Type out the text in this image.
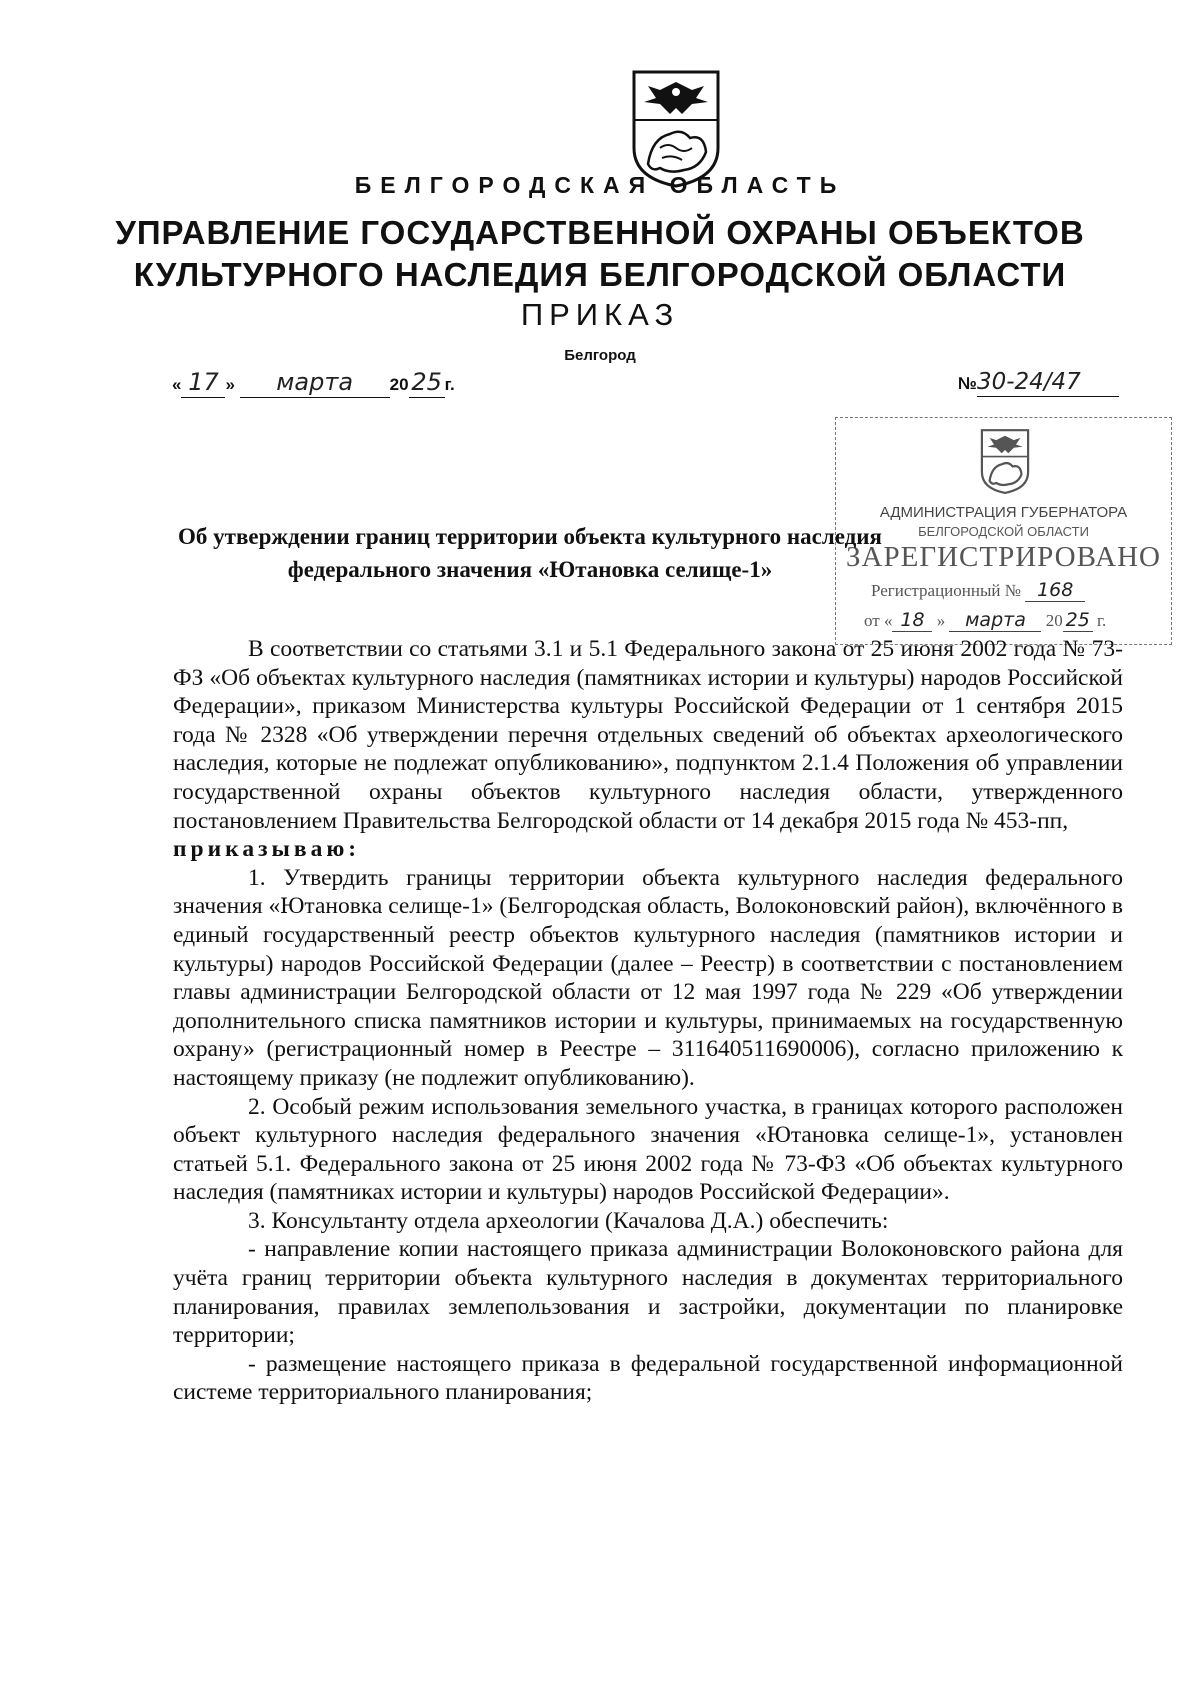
БЕЛГОРОДСКАЯ ОБЛАСТЬ
УПРАВЛЕНИЕ ГОСУДАРСТВЕННОЙ ОХРАНЫ ОБЪЕКТОВ
КУЛЬТУРНОГО НАСЛЕДИЯ БЕЛГОРОДСКОЙ ОБЛАСТИ
ПРИКАЗ
Белгород
« 17 » марта 20 25 г.	№30-24/47
АДМИНИСТРАЦИЯ ГУБЕРНАТОРА
БЕЛГОРОДСКОЙ ОБЛАСТИ
ЗАРЕГИСТРИРОВАНО
Регистрационный № 168
от « 18 » марта 20 25 г.
Об утверждении границ территории объекта культурного наследия
федерального значения «Ютановка селище-1»

В соответствии со статьями 3.1 и 5.1 Федерального закона от 25 июня 2002 года № 73-ФЗ «Об объектах культурного наследия (памятниках истории и культуры) народов Российской Федерации», приказом Министерства культуры Российской Федерации от 1 сентября 2015 года № 2328 «Об утверждении перечня отдельных сведений об объектах археологического наследия, которые не подлежат опубликованию», подпунктом 2.1.4 Положения об управлении государственной охраны объектов культурного наследия области, утвержденного постановлением Правительства Белгородской области от 14 декабря 2015 года № 453-пп,
приказываю:

1. Утвердить границы территории объекта культурного наследия федерального значения «Ютановка селище-1» (Белгородская область, Волоконовский район), включённого в единый государственный реестр объектов культурного наследия (памятников истории и культуры) народов Российской Федерации (далее – Реестр) в соответствии с постановлением главы администрации Белгородской области от 12 мая 1997 года № 229 «Об утверждении дополнительного списка памятников истории и культуры, принимаемых на государственную охрану» (регистрационный номер в Реестре – 311640511690006), согласно приложению к настоящему приказу (не подлежит опубликованию).

2. Особый режим использования земельного участка, в границах которого расположен объект культурного наследия федерального значения «Ютановка селище-1», установлен статьей 5.1. Федерального закона от 25 июня 2002 года № 73-ФЗ «Об объектах культурного наследия (памятниках истории и культуры) народов Российской Федерации».

3. Консультанту отдела археологии (Качалова Д.А.) обеспечить:

- направление копии настоящего приказа администрации Волоконовского района для учёта границ территории объекта культурного наследия в документах территориального планирования, правилах землепользования и застройки, документации по планировке территории;

- размещение настоящего приказа в федеральной государственной информационной системе территориального планирования;
